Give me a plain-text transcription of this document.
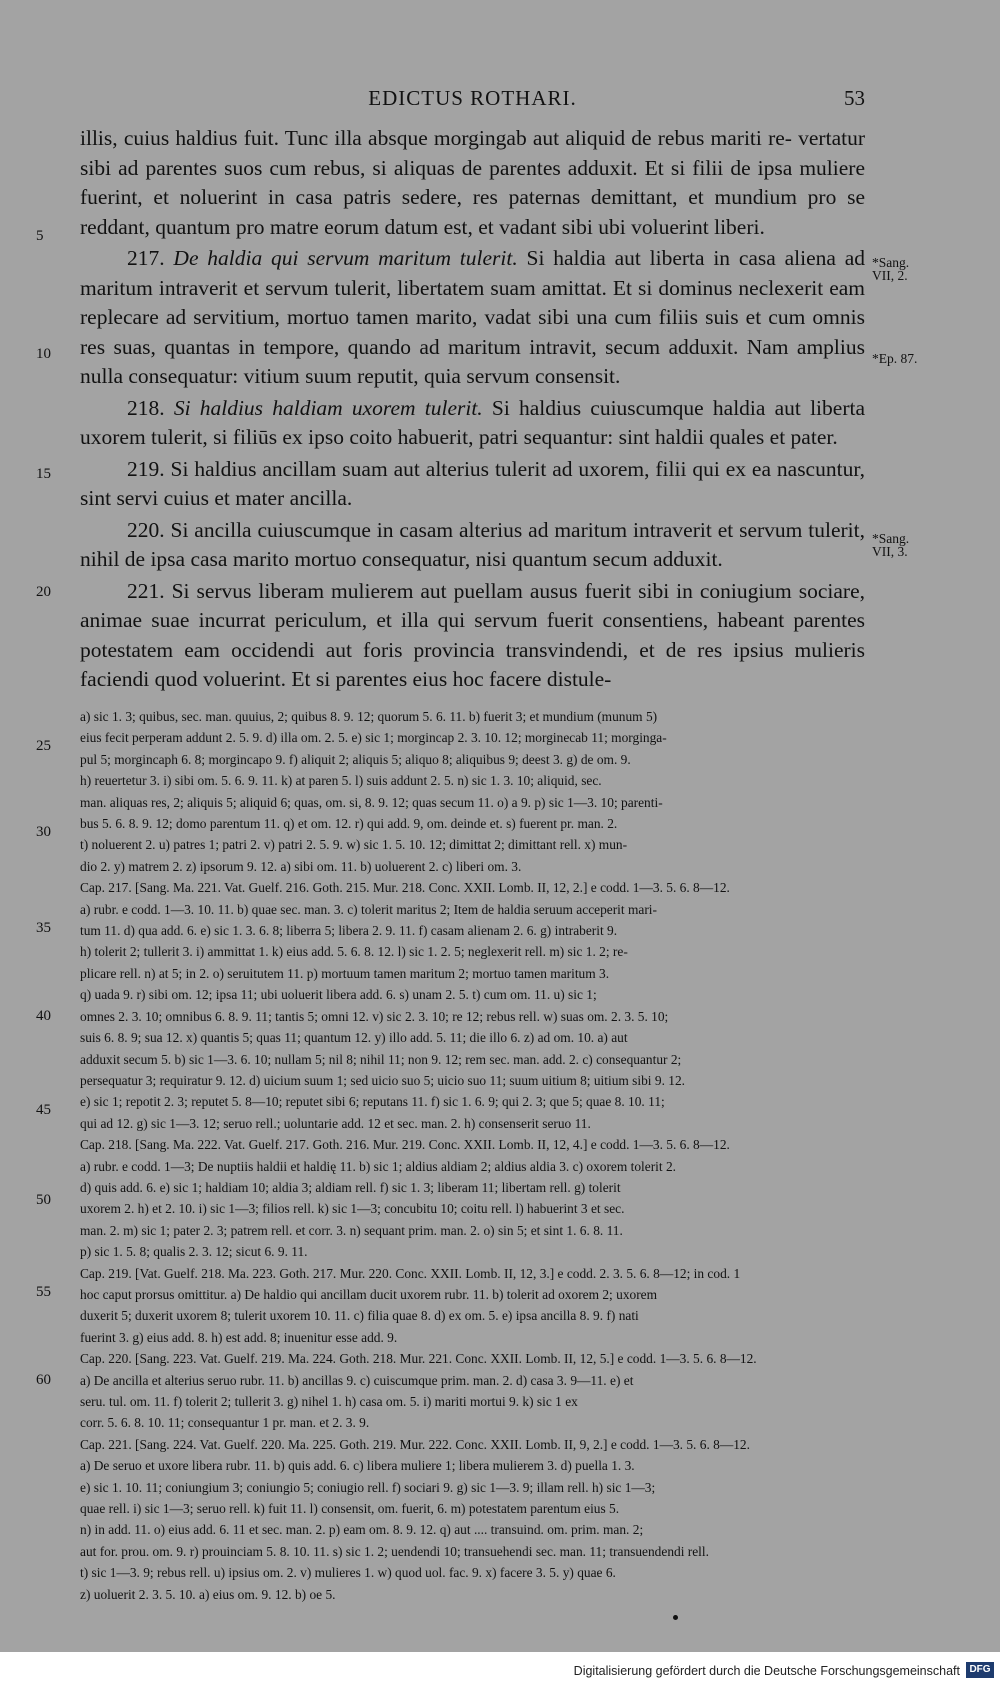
EDICTUS ROTHARI.	53
5
10
15
20
*Sang. VII, 2.
*Ep. 87.
*Sang. VII, 3.

illis, cuius haldius fuit. Tunc illa absque morgingab aut aliquid de rebus mariti re- vertatur sibi ad parentes suos cum rebus, si aliquas de parentes adduxit. Et si filii de ipsa muliere fuerint, et noluerint in casa patris sedere, res paternas demittant, et mundium pro se reddant, quantum pro matre eorum datum est, et vadant sibi ubi voluerint liberi.

217. De haldia qui servum maritum tulerit. Si haldia aut liberta in casa aliena ad maritum intraverit et servum tulerit, libertatem suam amittat. Et si dominus neclexerit eam replecare ad servitium, mortuo tamen marito, vadat sibi una cum filiis suis et cum omnis res suas, quantas in tempore, quando ad maritum intravit, secum adduxit. Nam amplius nulla consequatur: vitium suum reputit, quia servum consensit.

218. Si haldius haldiam uxorem tulerit. Si haldius cuiuscumque haldia aut liberta uxorem tulerit, si filiūs ex ipso coito habuerit, patri sequantur: sint haldii quales et pater.

219. Si haldius ancillam suam aut alterius tulerit ad uxorem, filii qui ex ea nascuntur, sint servi cuius et mater ancilla.

220. Si ancilla cuiuscumque in casam alterius ad maritum intraverit et servum tulerit, nihil de ipsa casa marito mortuo consequatur, nisi quantum secum adduxit.

221. Si servus liberam mulierem aut puellam ausus fuerit sibi in coniugium sociare, animae suae incurrat periculum, et illa qui servum fuerit consentiens, habeant parentes potestatem eam occidendi aut foris provincia transvindendi, et de res ipsius mulieris faciendi quod voluerint. Et si parentes eius hoc facere distule-

25
30
35
40
45
50
55
60
a) sic 1. 3; quibus, sec. man. quuius, 2; quibus 8. 9. 12; quorum 5. 6. 11. b) fuerit 3; et mundium (munum 5)
eius fecit perperam addunt 2. 5. 9. d) illa om. 2. 5. e) sic 1; morgincap 2. 3. 10. 12; morginecab 11; morginga-
pul 5; morgincaph 6. 8; morgincapo 9. f) aliquit 2; aliquis 5; aliquo 8; aliquibus 9; deest 3. g) de om. 9.
h) reuertetur 3. i) sibi om. 5. 6. 9. 11. k) at paren 5. l) suis addunt 2. 5. n) sic 1. 3. 10; aliquid, sec.
man. aliquas res, 2; aliquis 5; aliquid 6; quas, om. si, 8. 9. 12; quas secum 11. o) a 9. p) sic 1—3. 10; parenti-
bus 5. 6. 8. 9. 12; domo parentum 11. q) et om. 12. r) qui add. 9, om. deinde et. s) fuerent pr. man. 2.
t) noluerent 2. u) patres 1; patri 2. v) patri 2. 5. 9. w) sic 1. 5. 10. 12; dimittat 2; dimittant rell. x) mun-
dio 2. y) matrem 2. z) ipsorum 9. 12. a) sibi om. 11. b) uoluerent 2. c) liberi om. 3.
Cap. 217. [Sang. Ma. 221. Vat. Guelf. 216. Goth. 215. Mur. 218. Conc. XXII. Lomb. II, 12, 2.] e codd. 1—3. 5. 6. 8—12.
a) rubr. e codd. 1—3. 10. 11. b) quae sec. man. 3. c) tolerit maritus 2; Item de haldia seruum acceperit mari-
tum 11. d) qua add. 6. e) sic 1. 3. 6. 8; liberra 5; libera 2. 9. 11. f) casam alienam 2. 6. g) intraberit 9.
h) tolerit 2; tullerit 3. i) ammittat 1. k) eius add. 5. 6. 8. 12. l) sic 1. 2. 5; neglexerit rell. m) sic 1. 2; re-
plicare rell. n) at 5; in 2. o) seruitutem 11. p) mortuum tamen maritum 2; mortuo tamen maritum 3.
q) uada 9. r) sibi om. 12; ipsa 11; ubi uoluerit libera add. 6. s) unam 2. 5. t) cum om. 11. u) sic 1;
omnes 2. 3. 10; omnibus 6. 8. 9. 11; tantis 5; omni 12. v) sic 2. 3. 10; re 12; rebus rell. w) suas om. 2. 3. 5. 10;
suis 6. 8. 9; sua 12. x) quantis 5; quas 11; quantum 12. y) illo add. 5. 11; die illo 6. z) ad om. 10. a) aut
adduxit secum 5. b) sic 1—3. 6. 10; nullam 5; nil 8; nihil 11; non 9. 12; rem sec. man. add. 2. c) consequantur 2;
persequatur 3; requiratur 9. 12. d) uicium suum 1; sed uicio suo 5; uicio suo 11; suum uitium 8; uitium sibi 9. 12.
e) sic 1; repotit 2. 3; reputet 5. 8—10; reputet sibi 6; reputans 11. f) sic 1. 6. 9; qui 2. 3; que 5; quae 8. 10. 11;
qui ad 12. g) sic 1—3. 12; seruo rell.; uoluntarie add. 12 et sec. man. 2. h) consenserit seruo 11.
Cap. 218. [Sang. Ma. 222. Vat. Guelf. 217. Goth. 216. Mur. 219. Conc. XXII. Lomb. II, 12, 4.] e codd. 1—3. 5. 6. 8—12.
a) rubr. e codd. 1—3; De nuptiis haldii et haldię 11. b) sic 1; aldius aldiam 2; aldius aldia 3. c) oxorem tolerit 2.
d) quis add. 6. e) sic 1; haldiam 10; aldia 3; aldiam rell. f) sic 1. 3; liberam 11; libertam rell. g) tolerit
uxorem 2. h) et 2. 10. i) sic 1—3; filios rell. k) sic 1—3; concubitu 10; coitu rell. l) habuerint 3 et sec.
man. 2. m) sic 1; pater 2. 3; patrem rell. et corr. 3. n) sequant prim. man. 2. o) sin 5; et sint 1. 6. 8. 11.
p) sic 1. 5. 8; qualis 2. 3. 12; sicut 6. 9. 11.
Cap. 219. [Vat. Guelf. 218. Ma. 223. Goth. 217. Mur. 220. Conc. XXII. Lomb. II, 12, 3.] e codd. 2. 3. 5. 6. 8—12; in cod. 1
hoc caput prorsus omittitur. a) De haldio qui ancillam ducit uxorem rubr. 11. b) tolerit ad oxorem 2; uxorem
duxerit 5; duxerit uxorem 8; tulerit uxorem 10. 11. c) filia quae 8. d) ex om. 5. e) ipsa ancilla 8. 9. f) nati
fuerint 3. g) eius add. 8. h) est add. 8; inuenitur esse add. 9.
Cap. 220. [Sang. 223. Vat. Guelf. 219. Ma. 224. Goth. 218. Mur. 221. Conc. XXII. Lomb. II, 12, 5.] e codd. 1—3. 5. 6. 8—12.
a) De ancilla et alterius seruo rubr. 11. b) ancillas 9. c) cuiscumque prim. man. 2. d) casa 3. 9—11. e) et
seru. tul. om. 11. f) tolerit 2; tullerit 3. g) nihel 1. h) casa om. 5. i) mariti mortui 9. k) sic 1 ex
corr. 5. 6. 8. 10. 11; consequantur 1 pr. man. et 2. 3. 9.
Cap. 221. [Sang. 224. Vat. Guelf. 220. Ma. 225. Goth. 219. Mur. 222. Conc. XXII. Lomb. II, 9, 2.] e codd. 1—3. 5. 6. 8—12.
a) De seruo et uxore libera rubr. 11. b) quis add. 6. c) libera muliere 1; libera mulierem 3. d) puella 1. 3.
e) sic 1. 10. 11; coniungium 3; coniungio 5; coniugio rell. f) sociari 9. g) sic 1—3. 9; illam rell. h) sic 1—3;
quae rell. i) sic 1—3; seruo rell. k) fuit 11. l) consensit, om. fuerit, 6. m) potestatem parentum eius 5.
n) in add. 11. o) eius add. 6. 11 et sec. man. 2. p) eam om. 8. 9. 12. q) aut .... transuind. om. prim. man. 2;
aut for. prou. om. 9. r) prouinciam 5. 8. 10. 11. s) sic 1. 2; uendendi 10; transuehendi sec. man. 11; transuendendi rell.
t) sic 1—3. 9; rebus rell. u) ipsius om. 2. v) mulieres 1. w) quod uol. fac. 9. x) facere 3. 5. y) quae 6.
z) uoluerit 2. 3. 5. 10. a) eius om. 9. 12. b) oe 5.
Digitalisierung gefördert durch die Deutsche Forschungsgemeinschaft DFG
